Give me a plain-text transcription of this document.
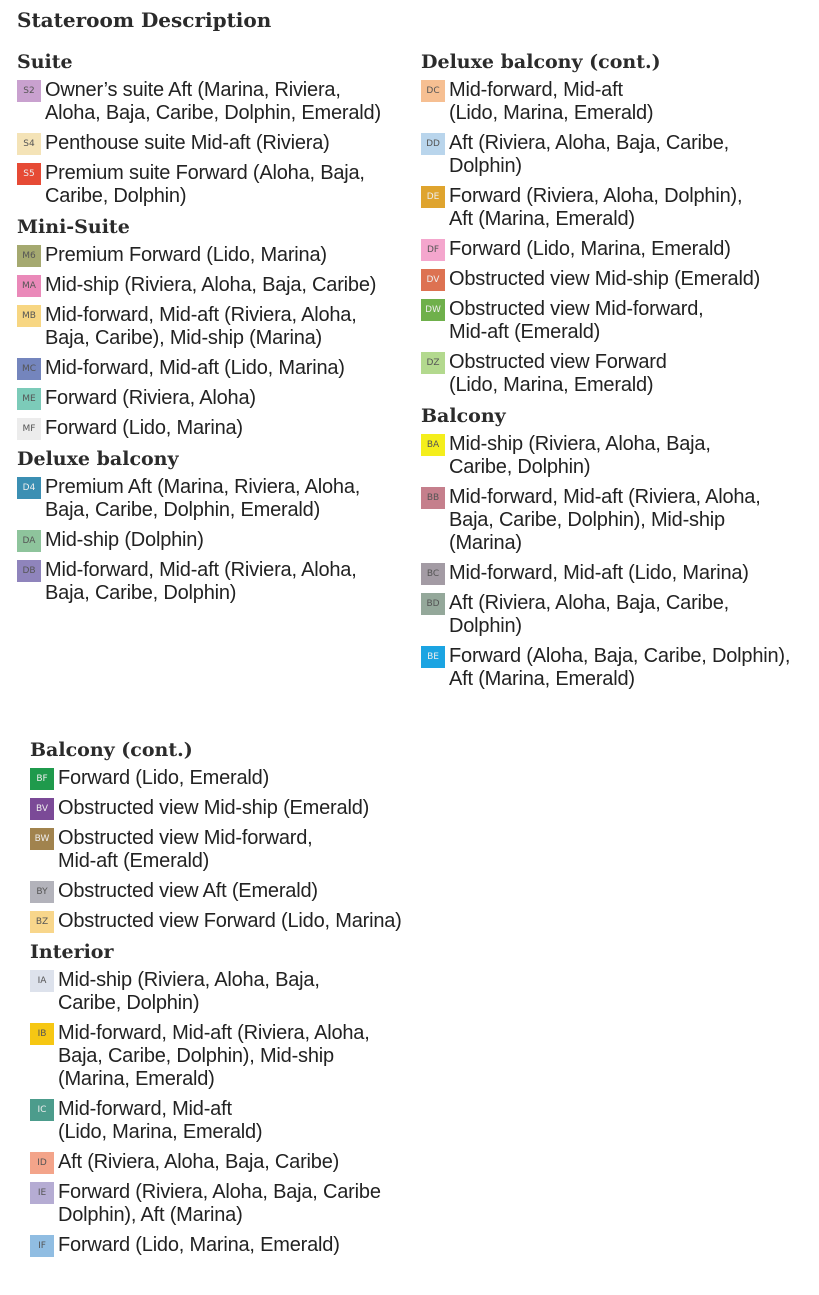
Stateroom Description
Suite
S2 Owner’s suite Aft (Marina, Riviera,
Aloha, Baja, Caribe, Dolphin, Emerald)
S4 Penthouse suite Mid-aft (Riviera)
S5 Premium suite Forward (Aloha, Baja,
Caribe, Dolphin)
Mini-Suite
M6 Premium Forward (Lido, Marina)
MA Mid-ship (Riviera, Aloha, Baja, Caribe)
MB Mid-forward, Mid-aft (Riviera, Aloha,
Baja, Caribe), Mid-ship (Marina)
MC Mid-forward, Mid-aft (Lido, Marina)
ME Forward (Riviera, Aloha)
MF Forward (Lido, Marina)
Deluxe balcony
D4 Premium Aft (Marina, Riviera, Aloha,
Baja, Caribe, Dolphin, Emerald)
DA Mid-ship (Dolphin)
DB Mid-forward, Mid-aft (Riviera, Aloha,
Baja, Caribe, Dolphin)
Deluxe balcony (cont.)
DC Mid-forward, Mid-aft
(Lido, Marina, Emerald)
DD Aft (Riviera, Aloha, Baja, Caribe,
Dolphin)
DE Forward (Riviera, Aloha, Dolphin),
Aft (Marina, Emerald)
DF Forward (Lido, Marina, Emerald)
DV Obstructed view Mid-ship (Emerald)
DW Obstructed view Mid-forward,
Mid-aft (Emerald)
DZ Obstructed view Forward
(Lido, Marina, Emerald)
Balcony
BA Mid-ship (Riviera, Aloha, Baja,
Caribe, Dolphin)
BB Mid-forward, Mid-aft (Riviera, Aloha,
Baja, Caribe, Dolphin), Mid-ship
(Marina)
BC Mid-forward, Mid-aft (Lido, Marina)
BD Aft (Riviera, Aloha, Baja, Caribe,
Dolphin)
BE Forward (Aloha, Baja, Caribe, Dolphin),
Aft (Marina, Emerald)
Balcony (cont.)
BF Forward (Lido, Emerald)
BV Obstructed view Mid-ship (Emerald)
BW Obstructed view Mid-forward,
Mid-aft (Emerald)
BY Obstructed view Aft (Emerald)
BZ Obstructed view Forward (Lido, Marina)
Interior
IA Mid-ship (Riviera, Aloha, Baja,
Caribe, Dolphin)
IB Mid-forward, Mid-aft (Riviera, Aloha,
Baja, Caribe, Dolphin), Mid-ship
(Marina, Emerald)
IC Mid-forward, Mid-aft
(Lido, Marina, Emerald)
ID Aft (Riviera, Aloha, Baja, Caribe)
IE Forward (Riviera, Aloha, Baja, Caribe
Dolphin), Aft (Marina)
IF Forward (Lido, Marina, Emerald)
